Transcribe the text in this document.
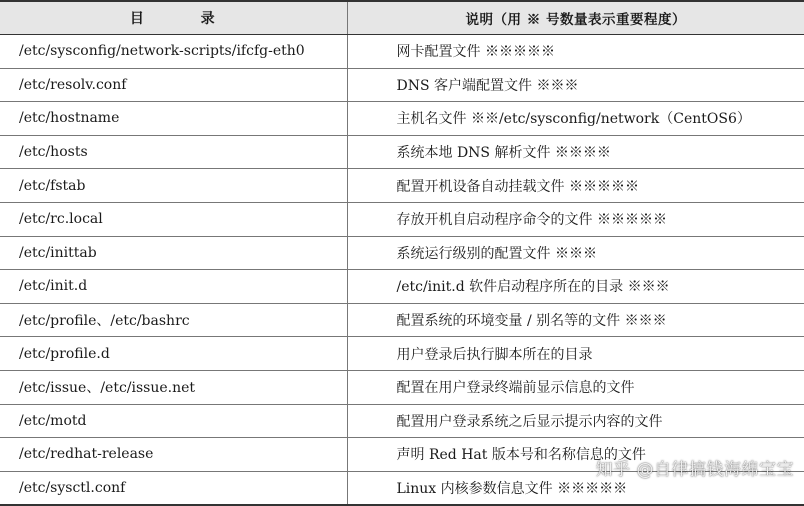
目 录	说明（用 ※ 号数量表示重要程度）
/etc/sysconfig/network-scripts/ifcfg-eth0	网卡配置文件 ※※※※※
/etc/resolv.conf	DNS 客户端配置文件 ※※※
/etc/hostname	主机名文件 ※※/etc/sysconfig/network（CentOS6）
/etc/hosts	系统本地 DNS 解析文件 ※※※※
/etc/fstab	配置开机设备自动挂载文件 ※※※※※
/etc/rc.local	存放开机自启动程序命令的文件 ※※※※※
/etc/inittab	系统运行级别的配置文件 ※※※
/etc/init.d	/etc/init.d 软件启动程序所在的目录 ※※※
/etc/profile、/etc/bashrc	配置系统的环境变量 / 别名等的文件 ※※※
/etc/profile.d	用户登录后执行脚本所在的目录
/etc/issue、/etc/issue.net	配置在用户登录终端前显示信息的文件
/etc/motd	配置用户登录系统之后显示提示内容的文件
/etc/redhat-release	声明 Red Hat 版本号和名称信息的文件
/etc/sysctl.conf	Linux 内核参数信息文件 ※※※※※
知乎 @自律搞钱海绵宝宝
